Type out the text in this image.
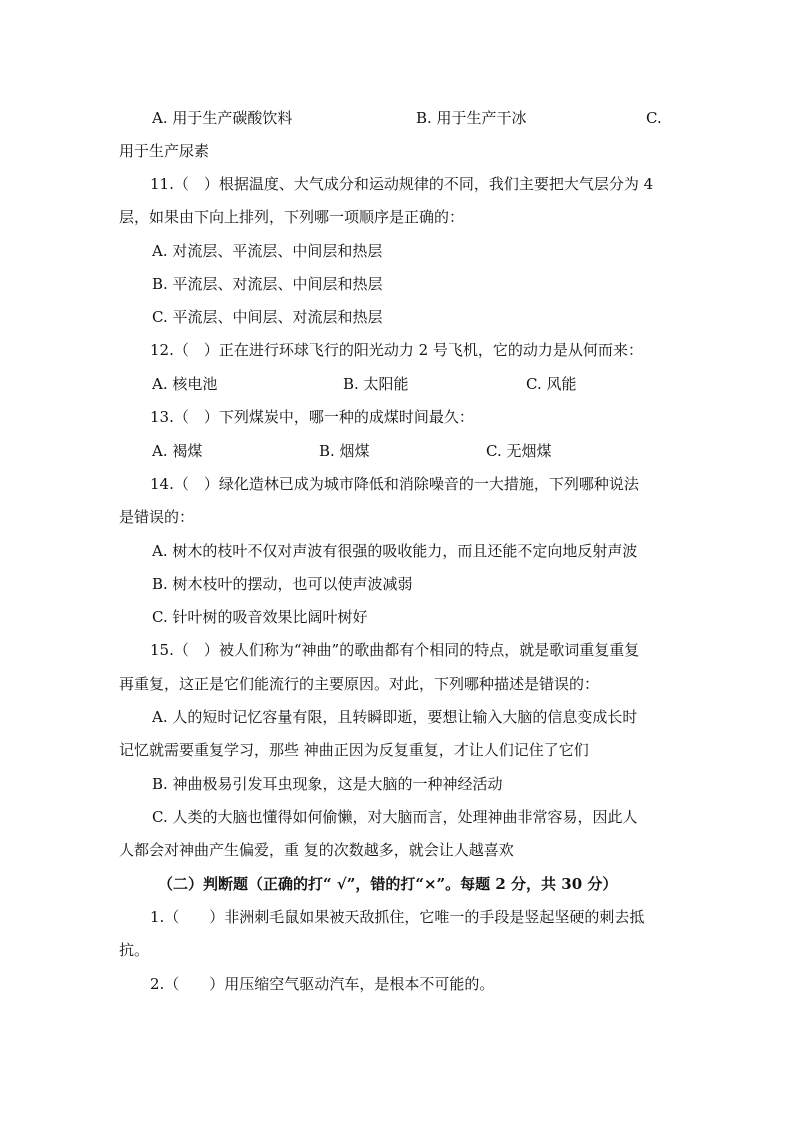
A. 用于生产碳酸饮料	B. 用于生产干冰	C.
用于生产尿素
11.（　）根据温度、大气成分和运动规律的不同，我们主要把大气层分为 4
层，如果由下向上排列，下列哪一项顺序是正确的：
A. 对流层、平流层、中间层和热层
B. 平流层、对流层、中间层和热层
C. 平流层、中间层、对流层和热层
12.（　）正在进行环球飞行的阳光动力 2 号飞机，它的动力是从何而来：
A. 核电池	B. 太阳能	C. 风能
13.（　）下列煤炭中，哪一种的成煤时间最久：
A. 褐煤	B. 烟煤	C. 无烟煤
14.（　）绿化造林已成为城市降低和消除噪音的一大措施，下列哪种说法
是错误的：
A. 树木的枝叶不仅对声波有很强的吸收能力，而且还能不定向地反射声波
B. 树木枝叶的摆动，也可以使声波减弱
C. 针叶树的吸音效果比阔叶树好
15.（　）被人们称为“神曲”的歌曲都有个相同的特点，就是歌词重复重复
再重复，这正是它们能流行的主要原因。对此，下列哪种描述是错误的：
A. 人的短时记忆容量有限，且转瞬即逝，要想让输入大脑的信息变成长时
记忆就需要重复学习，那些 神曲正因为反复重复，才让人们记住了它们
B. 神曲极易引发耳虫现象，这是大脑的一种神经活动
C. 人类的大脑也懂得如何偷懒，对大脑而言，处理神曲非常容易，因此人
人都会对神曲产生偏爱，重 复的次数越多，就会让人越喜欢
（二）判断题（正确的打“ √”，错的打“×”。每题 2 分，共 30 分）
1.（　　）非洲刺毛鼠如果被天敌抓住，它唯一的手段是竖起坚硬的刺去抵
抗。
2.（　　）用压缩空气驱动汽车，是根本不可能的。
